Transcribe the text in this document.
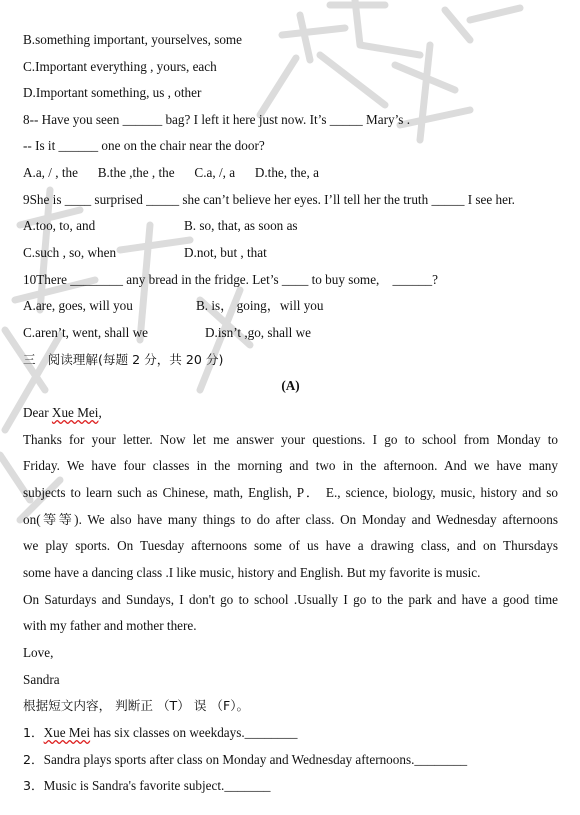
B.something important, yourselves, some
C.Important everything , yours, each
D.Important something, us , other
8-- Have you seen ______ bag? I left it here just now. It’s _____ Mary’s .
-- Is it ______ one on the chair near the door?
A.a, / , the      B.the ,the , the      C.a, /, a      D.the, the, a
9She is ____ surprised _____ she can’t believe her eyes. I’ll tell her the truth _____ I see her.
A.too, to, and	B. so, that, as soon as
C.such , so, when	D.not, but , that
10There ________ any bread in the fridge. Let’s ____ to buy some,    ______?
A.are, goes, will you	B. is， going，will you
C.aren’t, went, shall we	D.isn’t ,go, shall we
三   阅读理解(每题 2 分，共 20 分)
(A)
Dear Xue Mei,
Thanks for your letter. Now let me answer your questions. I go to school from Monday to
Friday. We have four classes in the morning and two in the afternoon. And we have many
subjects to learn such as Chinese, math, English, P． E., science, biology, music, history and so
on(等等). We also have many things to do after class. On Monday and Wednesday afternoons
we play sports. On Tuesday afternoons some of us have a drawing class, and on Thursdays
some have a dancing class .I like music, history and English. But my favorite is music.
On Saturdays and Sundays, I don't go to school .Usually I go to the park and have a good time
with my father and mother there.
Love,
Sandra
根据短文内容， 判断正 （T） 误 （F）。
1．Xue Mei has six classes on weekdays.________
2．Sandra plays sports after class on Monday and Wednesday afternoons.________
3．Music is Sandra's favorite subject._______
